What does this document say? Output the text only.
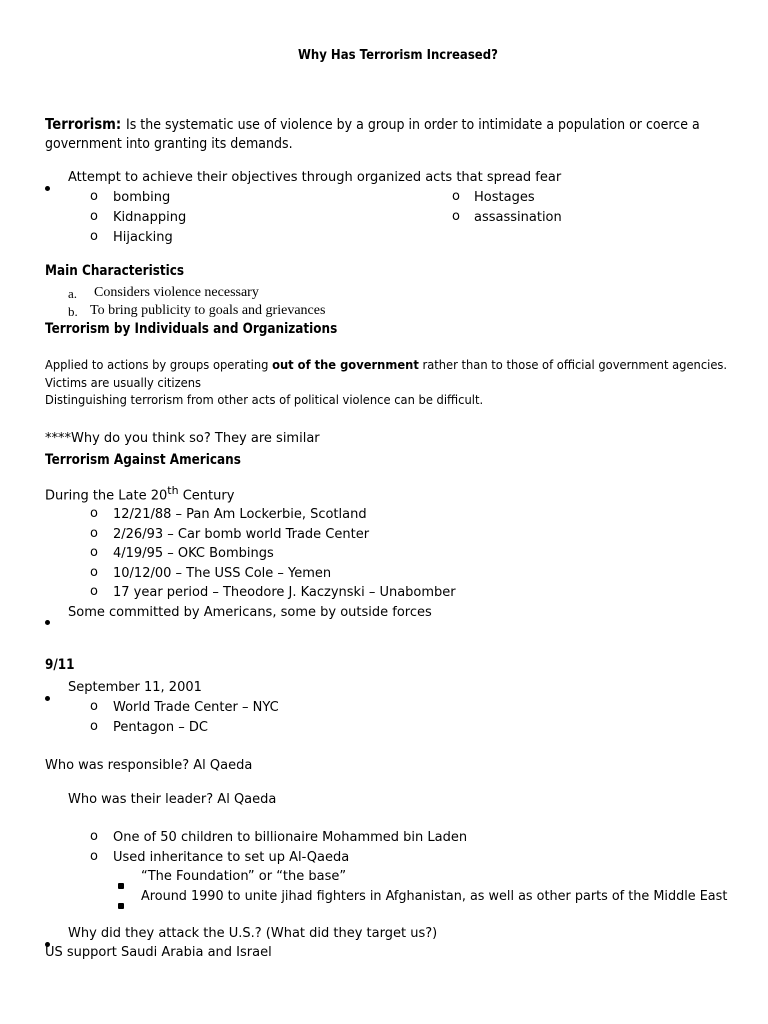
Why Has Terrorism Increased?
Terrorism:Is the systematic use of violence by a group in order to intimidate a population or coerce a
government into granting its demands.
Attempt to achieve their objectives through organized acts that spread fear
o bombing
o Kidnapping
o Hijacking
o Hostages
o assassination
Main Characteristics
a. Considers violence necessary
b. To bring publicity to goals and grievances
Terrorism by Individuals and Organizations
Applied to actions by groups operating out of the government rather than to those of official government agencies.
Victims are usually citizens
Distinguishing terrorism from other acts of political violence can be difficult.
****Why do you think so? They are similar
Terrorism Against Americans
During the Late 20th Century
o 12/21/88 – Pan Am Lockerbie, Scotland
o 2/26/93 – Car bomb world Trade Center
o 4/19/95 – OKC Bombings
o 10/12/00 – The USS Cole – Yemen
o 17 year period – Theodore J. Kaczynski – Unabomber
Some committed by Americans, some by outside forces
9/11
September 11, 2001
o World Trade Center – NYC
o Pentagon – DC
Who was responsible? Al Qaeda
Who was their leader? Al Qaeda
o One of 50 children to billionaire Mohammed bin Laden
o Used inheritance to set up Al-Qaeda
“The Foundation” or “the base”
Around 1990 to unite jihad fighters in Afghanistan, as well as other parts of the Middle East
Why did they attack the U.S.? (What did they target us?)
US support Saudi Arabia and Israel
